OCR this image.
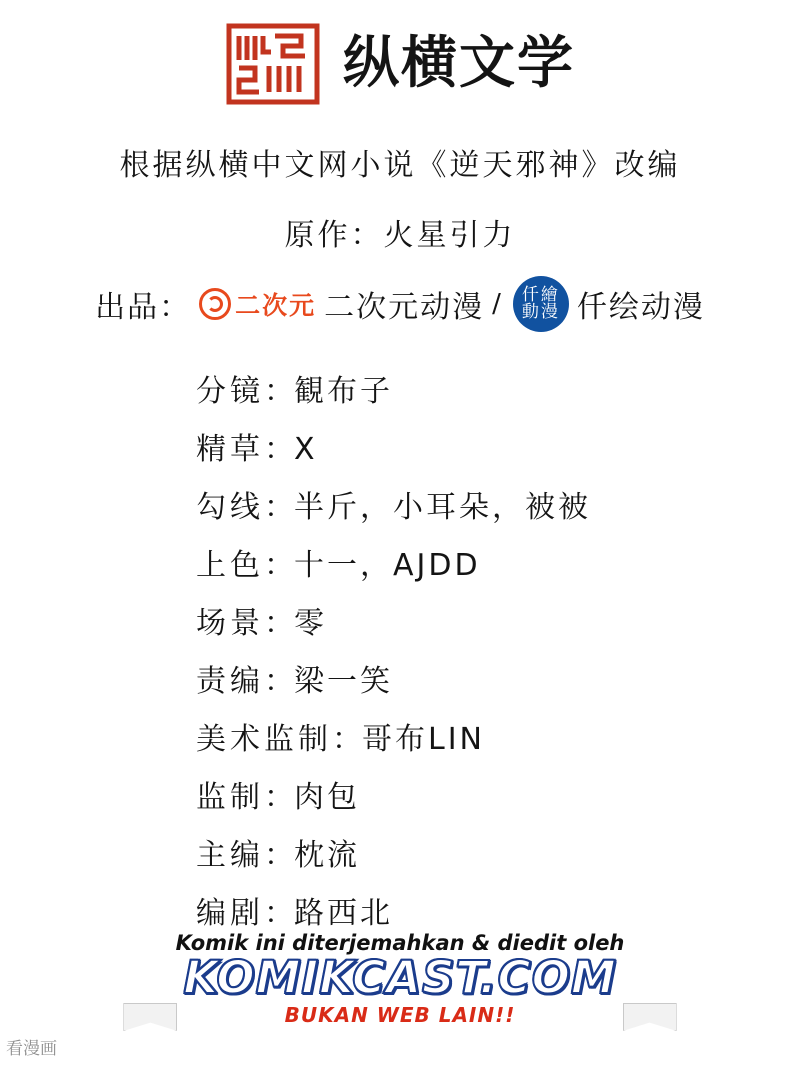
纵横文学

根据纵横中文网小说《逆天邪神》改编

原作：火星引力

出品： 二次元 二次元动漫 / 仟繪
動漫 仟绘动漫
分镜：観布子
精草：X
勾线：半斤，小耳朵，被被
上色：十一，AJDD
场景：零
责编：梁一笑
美术监制：哥布LIN
监制：肉包
主编：枕流
编剧：路西北
Komik ini diterjemahkan & diedit oleh
KOMIKCAST.COM
BUKAN WEB LAIN!!
看漫画
